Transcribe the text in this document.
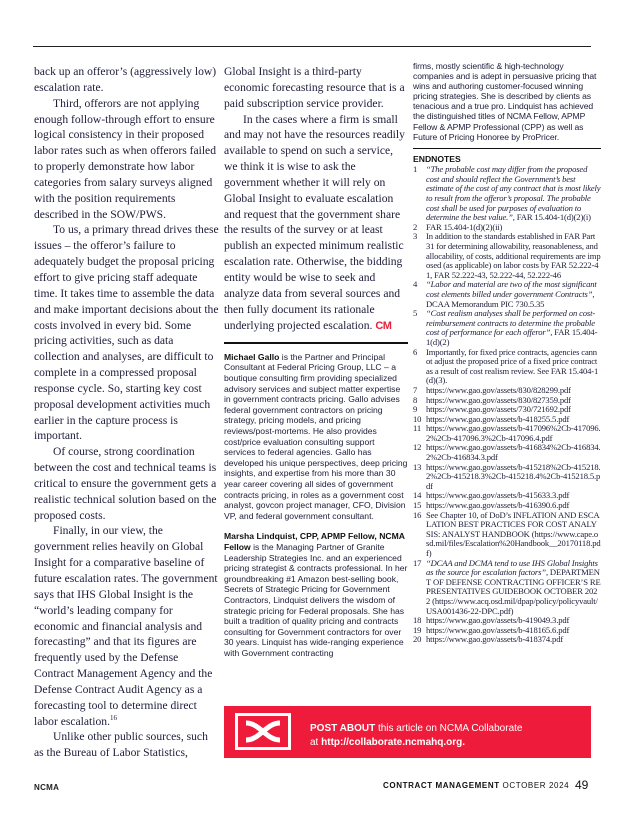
back up an offeror’s (aggressively low) escalation rate.

Third, offerors are not applying enough follow-through effort to ensure logical consistency in their proposed labor rates such as when offerors failed to properly demonstrate how labor categories from salary surveys aligned with the position requirements described in the SOW/PWS.

To us, a primary thread drives these issues – the offeror’s failure to adequately budget the proposal pricing effort to give pricing staff adequate time. It takes time to assemble the data and make important decisions about the costs involved in every bid. Some pricing activities, such as data collection and analyses, are difficult to complete in a compressed proposal response cycle. So, starting key cost proposal development activities much earlier in the capture process is important.

Of course, strong coordination between the cost and technical teams is critical to ensure the government gets a realistic technical solution based on the proposed costs.

Finally, in our view, the government relies heavily on Global Insight for a comparative baseline of future escalation rates. The government says that IHS Global Insight is the “world’s leading company for economic and financial analysis and forecasting” and that its figures are frequently used by the Defense Contract Management Agency and the Defense Contract Audit Agency as a forecasting tool to determine direct labor escalation.$^{16}$

Unlike other public sources, such as the Bureau of Labor Statistics,

Global Insight is a third-party economic forecasting resource that is a paid subscription service provider.

In the cases where a firm is small and may not have the resources readily available to spend on such a service, we think it is wise to ask the government whether it will rely on Global Insight to evaluate escalation and request that the government share the results of the survey or at least publish an expected minimum realistic escalation rate. Otherwise, the bidding entity would be wise to seek and analyze data from several sources and then fully document its rationale underlying projected escalation. CM

Michael Gallo is the Partner and Principal Consultant at Federal Pricing Group, LLC – a boutique consulting firm providing specialized advisory services and subject matter expertise in government contracts pricing. Gallo advises federal government contractors on pricing strategy, pricing models, and pricing reviews/post-mortems. He also provides cost/price evaluation consulting support services to federal agencies. Gallo has developed his unique perspectives, deep pricing insights, and expertise from his more than 30 year career covering all sides of government contracts pricing, in roles as a government cost analyst, govcon project manager, CFO, Division VP, and federal government consultant.

Marsha Lindquist, CPP, APMP Fellow, NCMA Fellow is the Managing Partner of Granite Leadership Strategies Inc. and an experienced pricing strategist & contracts professional. In her groundbreaking #1 Amazon best-selling book, Secrets of Strategic Pricing for Government Contractors, Lindquist delivers the wisdom of strategic pricing for Federal proposals. She has built a tradition of quality pricing and contracts consulting for Government contractors for over 30 years. Linquist has wide-ranging experience with Government contracting

firms, mostly scientific & high-technology companies and is adept in persuasive pricing that wins and authoring customer-focused winning pricing strategies. She is described by clients as tenacious and a true pro. Lindquist has achieved the distinguished titles of NCMA Fellow, APMP Fellow & APMP Professional (CPP) as well as Future of Pricing Honoree by ProPricer.

ENDNOTES
1	“The probable cost may differ from the proposed cost and should reflect the Government’s best estimate of the cost of any contract that is most likely to result from the offeror’s proposal. The probable cost shall be used for purposes of evaluation to determine the best value.”, FAR 15.404-1(d)(2)(i)
2	FAR 15.404-1(d)(2)(ii)
3	In addition to the standards established in FAR Part 31 for determining allowability, reasonableness, and allocability, of costs, additional requirements are imposed (as applicable) on labor costs by FAR 52.222-41, FAR 52.222-43, 52.222-44, 52.222-46
4	“Labor and material are two of the most significant cost elements billed under government Contracts”, DCAA Memorandum PIC 730.5.35
5	“Cost realism analyses shall be performed on cost-reimbursement contracts to determine the probable cost of performance for each offeror”, FAR 15.404-1(d)(2)
6	Importantly, for fixed price contracts, agencies cannot adjust the proposed price of a fixed price contract as a result of cost realism review. See FAR 15.404-1(d)(3).
7	https://www.gao.gov/assets/830/828299.pdf
8	https://www.gao.gov/assets/830/827359.pdf
9	https://www.gao.gov/assets/730/721692.pdf
10 https://www.gao.gov/assets/b-418255.5.pdf
11 https://www.gao.gov/assets/b-417096%2Cb-417096.2%2Cb-417096.3%2Cb-417096.4.pdf
12 https://www.gao.gov/assets/b-416834%2Cb-416834.2%2Cb-416834.3.pdf
13 https://www.gao.gov/assets/b-415218%2Cb-415218.2%2Cb-415218.3%2Cb-415218.4%2Cb-415218.5.pdf
14 https://www.gao.gov/assets/b-415633.3.pdf
15 https://www.gao.gov/assets/b-416390.6.pdf
16 See Chapter 10, of DoD’s INFLATION AND ESCALATION BEST PRACTICES FOR COST ANALYSIS: ANALYST HANDBOOK (https://www.cape.osd.mil/files/Escalation%20Handbook__20170118.pdf)
17 “DCAA and DCMA tend to use IHS Global Insights as the source for escalation factors”, DEPARTMENT OF DEFENSE CONTRACTING OFFICER’S REPRESENTATIVES GUIDEBOOK OCTOBER 2022 (https://www.acq.osd.mil/dpap/policy/policyvault/USA001436-22-DPC.pdf)
18 https://www.gao.gov/assets/b-419049.3.pdf
19 https://www.gao.gov/assets/b-418165.6.pdf
20 https://www.gao.gov/assets/b-418374.pdf
POST ABOUT this article on NCMA Collaborate
at http://collaborate.ncmahq.org.
NCMA	CONTRACT MANAGEMENT OCTOBER 2024 49
